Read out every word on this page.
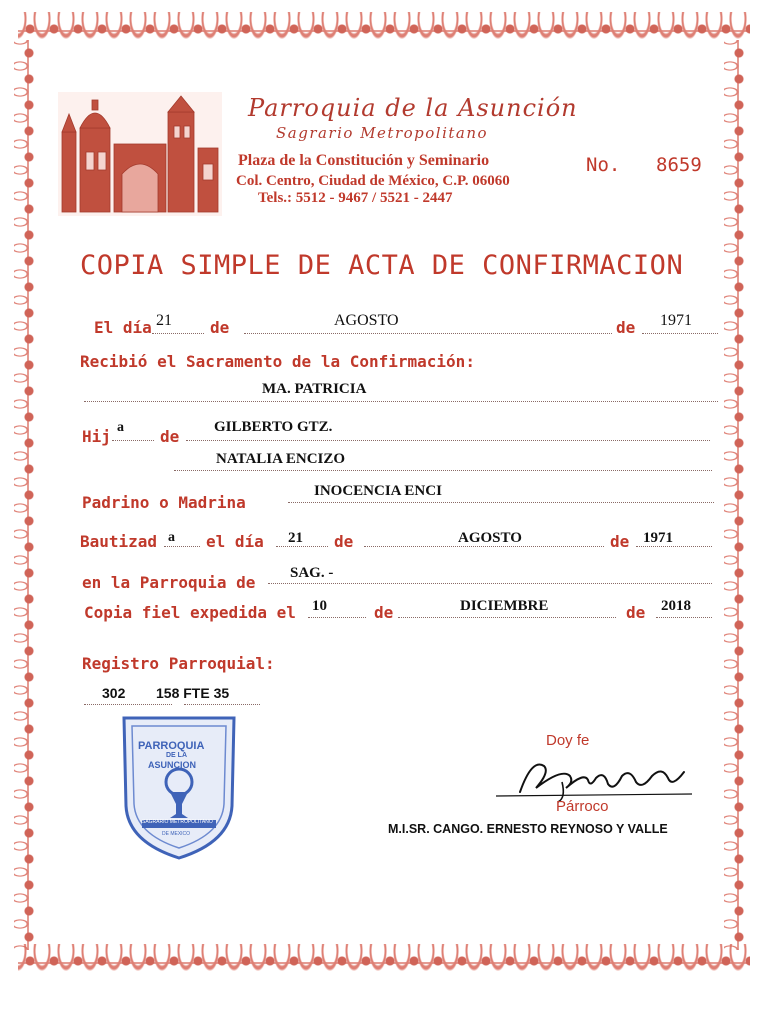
Parroquia de la Asunción
Sagrario Metropolitano
Plaza de la Constitución y Seminario
Col. Centro, Ciudad de México, C.P. 06060
Tels.: 5512 - 9467 / 5521 - 2447
No. 8659
COPIA SIMPLE DE ACTA DE CONFIRMACION
El día 21 de	AGOSTO	de 1971
Recibió el Sacramento de la Confirmación:
MA. PATRICIA
Hij a de GILBERTO GTZ.
NATALIA ENCIZO
Padrino o Madrina
INOCENCIA ENCI
Bautizad a el día 21 de	AGOSTO	de 1971
en la Parroquia de SAG. -
Copia fiel expedida el 10	de	DICIEMBRE	de 2018
Registro Parroquial:
302 158 FTE 35
PARROQUIA
DE LA
ASUNCION
SAGRARIO METROPOLITANO
DE MEXICO
Doy fe
Párroco
M.I.SR. CANGO. ERNESTO REYNOSO Y VALLE
